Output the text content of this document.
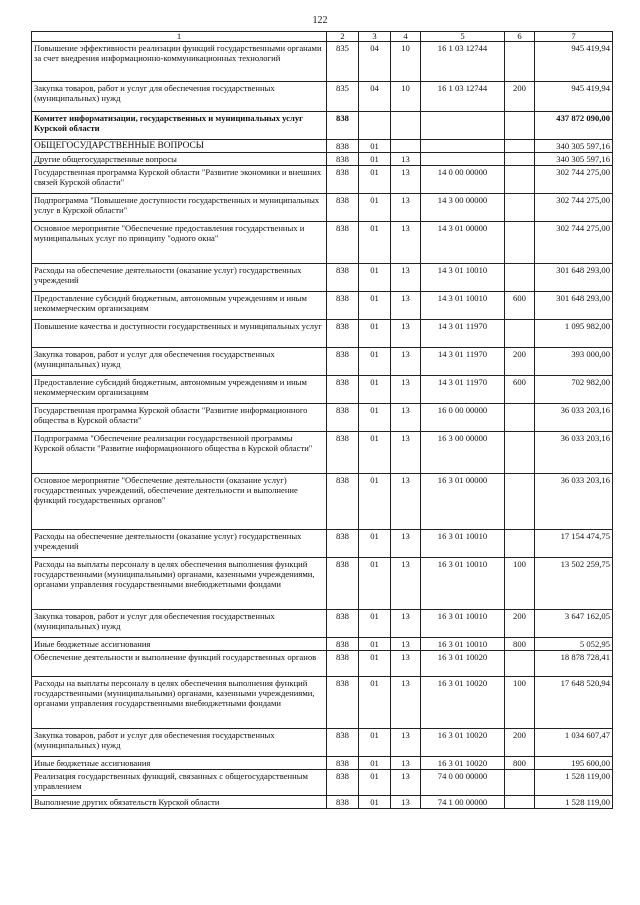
122
1	2	3	4	5	6	7
Повышение эффективности реализации функций государственными органами за счет внедрения информационно-коммуникационных технологий	835	04	10	16 1 03 12744		945 419,94
Закупка товаров, работ и услуг для обеспечения государственных (муниципальных) нужд	835	04	10	16 1 03 12744	200	945 419,94
Комитет информатизации, государственных и муниципальных услуг Курской области	838					437 872 090,00
ОБЩЕГОСУДАРСТВЕННЫЕ ВОПРОСЫ	838	01				340 305 597,16
Другие общегосударственные вопросы	838	01	13			340 305 597,16
Государственная программа Курской области "Развитие экономики и внешних связей Курской области"	838	01	13	14 0 00 00000		302 744 275,00
Подпрограмма "Повышение доступности государственных и муниципальных услуг в Курской области"	838	01	13	14 3 00 00000		302 744 275,00
Основное мероприятие "Обеспечение предоставления государственных и муниципальных услуг по принципу "одного окна"	838	01	13	14 3 01 00000		302 744 275,00
Расходы на обеспечение деятельности (оказание услуг) государственных учреждений	838	01	13	14 3 01 10010		301 648 293,00
Предоставление субсидий бюджетным, автономным учреждениям и иным некоммерческим организациям	838	01	13	14 3 01 10010	600	301 648 293,00
Повышение качества и доступности государственных и муниципальных услуг	838	01	13	14 3 01 11970		1 095 982,00
Закупка товаров, работ и услуг для обеспечения государственных (муниципальных) нужд	838	01	13	14 3 01 11970	200	393 000,00
Предоставление субсидий бюджетным, автономным учреждениям и иным некоммерческим организациям	838	01	13	14 3 01 11970	600	702 982,00
Государственная программа Курской области "Развитие информационного общества в Курской области"	838	01	13	16 0 00 00000		36 033 203,16
Подпрограмма "Обеспечение реализации государственной программы Курской области "Развитие информационного общества в Курской области"	838	01	13	16 3 00 00000		36 033 203,16
Основное мероприятие "Обеспечение деятельности (оказание услуг) государственных учреждений, обеспечение деятельности и выполнение функций государственных органов"	838	01	13	16 3 01 00000		36 033 203,16
Расходы на обеспечение деятельности (оказание услуг) государственных учреждений	838	01	13	16 3 01 10010		17 154 474,75
Расходы на выплаты персоналу в целях обеспечения выполнения функций государственными (муниципальными) органами, казенными учреждениями, органами управления государственными внебюджетными фондами	838	01	13	16 3 01 10010	100	13 502 259,75
Закупка товаров, работ и услуг для обеспечения государственных (муниципальных) нужд	838	01	13	16 3 01 10010	200	3 647 162,05
Иные бюджетные ассигнования	838	01	13	16 3 01 10010	800	5 052,95
Обеспечение деятельности и выполнение функций государственных органов	838	01	13	16 3 01 10020		18 878 728,41
Расходы на выплаты персоналу в целях обеспечения выполнения функций государственными (муниципальными) органами, казенными учреждениями, органами управления государственными внебюджетными фондами	838	01	13	16 3 01 10020	100	17 648 520,94
Закупка товаров, работ и услуг для обеспечения государственных (муниципальных) нужд	838	01	13	16 3 01 10020	200	1 034 607,47
Иные бюджетные ассигнования	838	01	13	16 3 01 10020	800	195 600,00
Реализация государственных функций, связанных с общегосударственным управлением	838	01	13	74 0 00 00000		1 528 119,00
Выполнение других обязательств Курской области	838	01	13	74 1 00 00000		1 528 119,00
